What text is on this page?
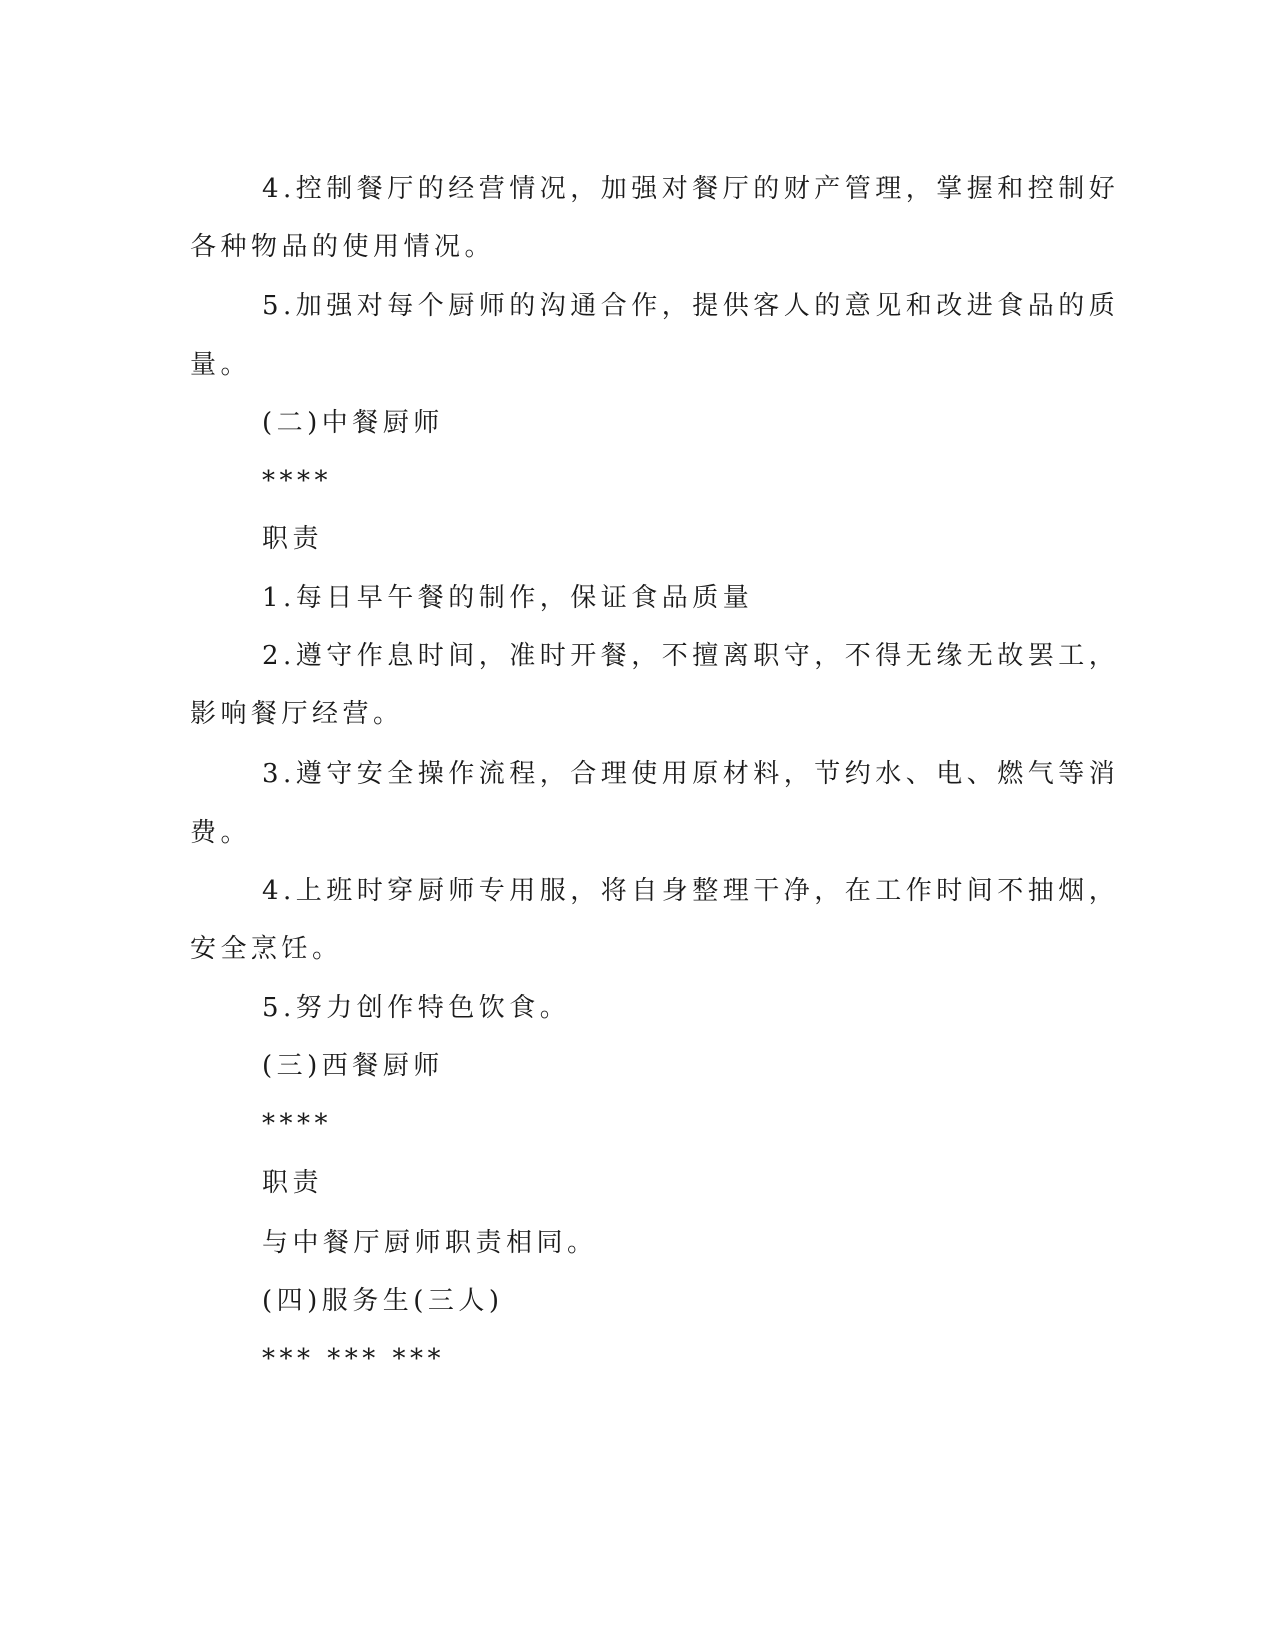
4.控制餐厅的经营情况，加强对餐厅的财产管理，掌握和控制好
各种物品的使用情况。
5.加强对每个厨师的沟通合作，提供客人的意见和改进食品的质
量。
(二)中餐厨师
****
职责
1.每日早午餐的制作，保证食品质量
2.遵守作息时间，准时开餐，不擅离职守，不得无缘无故罢工，
影响餐厅经营。
3.遵守安全操作流程，合理使用原材料，节约水、电、燃气等消
费。
4.上班时穿厨师专用服，将自身整理干净，在工作时间不抽烟，
安全烹饪。
5.努力创作特色饮食。
(三)西餐厨师
****
职责
与中餐厅厨师职责相同。
(四)服务生(三人)
*** *** ***
